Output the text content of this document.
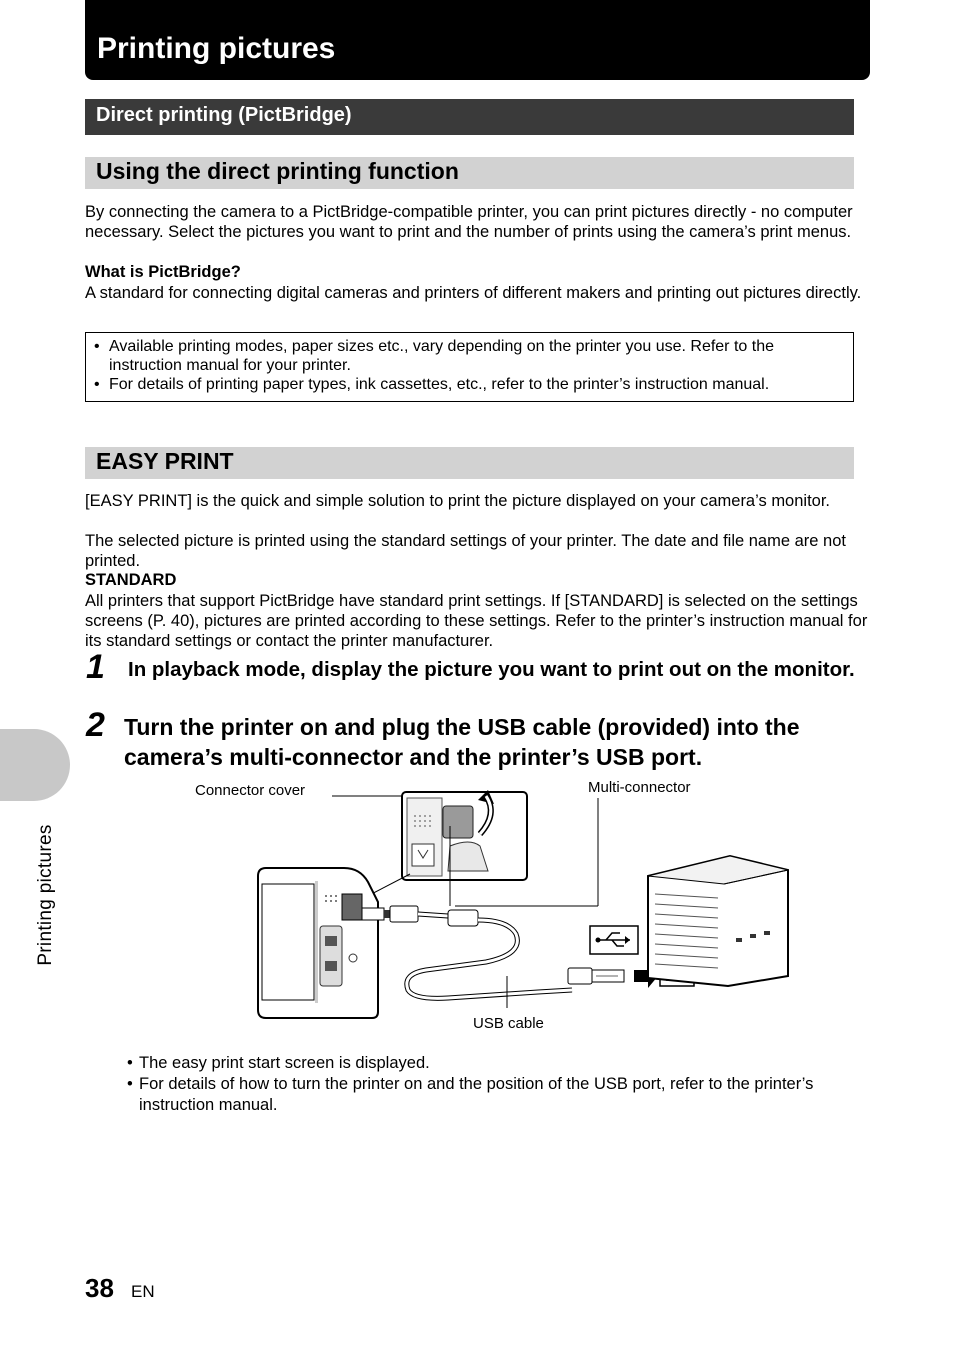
Printing pictures
Direct printing (PictBridge)
Using the direct printing function

By connecting the camera to a PictBridge-compatible printer, you can print pictures directly - no computer necessary. Select the pictures you want to print and the number of prints using the camera’s print menus.

What is PictBridge?

A standard for connecting digital cameras and printers of different makers and printing out pictures directly.

• Available printing modes, paper sizes etc., vary depending on the printer you use. Refer to the instruction manual for your printer.
• For details of printing paper types, ink cassettes, etc., refer to the printer’s instruction manual.
EASY PRINT

[EASY PRINT] is the quick and simple solution to print the picture displayed on your camera’s monitor.

The selected picture is printed using the standard settings of your printer. The date and file name are not printed.

STANDARD

All printers that support PictBridge have standard print settings. If [STANDARD] is selected on the settings screens (P. 40), pictures are printed according to these settings. Refer to the printer’s instruction manual for its standard settings or contact the printer manufacturer.

1 In playback mode, display the picture you want to print out on the monitor.

2 Turn the printer on and plug the USB cable (provided) into the camera’s multi-connector and the printer’s USB port.

Connector cover	Multi-connector
USB cable
• The easy print start screen is displayed.
• For details of how to turn the printer on and the position of the USB port, refer to the printer’s instruction manual.
Printing pictures
38 EN
